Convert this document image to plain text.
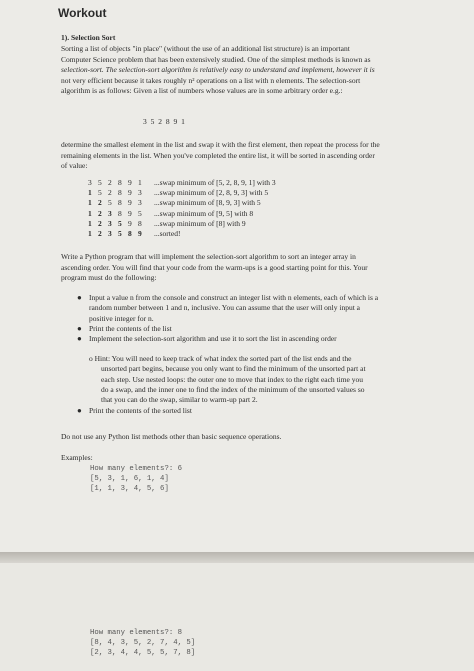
Workout
1). Selection Sort
Sorting a list of objects "in place" (without the use of an additional list structure) is an important
Computer Science problem that has been extensively studied. One of the simplest methods is known as
selection-sort. The selection-sort algorithm is relatively easy to understand and implement, however it is
not very efficient because it takes roughly n² operations on a list with n elements. The selection-sort
algorithm is as follows: Given a list of numbers whose values are in some arbitrary order e.g.:
3 5 2 8 9 1
determine the smallest element in the list and swap it with the first element, then repeat the process for the
remaining elements in the list. When you've completed the entire list, it will be sorted in ascending order
of value:
3	5	2	8	9	1	...swap minimum of [5, 2, 8, 9, 1] with 3
1	5	2	8	9	3	...swap minimum of [2, 8, 9, 3] with 5
1	2	5	8	9	3	...swap minimum of [8, 9, 3] with 5
1	2	3	8	9	5	...swap minimum of [9, 5] with 8
1	2	3	5	9	8	...swap minimum of [8] with 9
1	2	3	5	8	9	...sorted!
Write a Python program that will implement the selection-sort algorithm to sort an integer array in
ascending order. You will find that your code from the warm-ups is a good starting point for this. Your
program must do the following:
● Input a value n from the console and construct an integer list with n elements, each of which is a
random number between 1 and n, inclusive. You can assume that the user will only input a
positive integer for n.
● Print the contents of the list
● Implement the selection-sort algorithm and use it to sort the list in ascending order
o Hint: You will need to keep track of what index the sorted part of the list ends and the
unsorted part begins, because you only want to find the minimum of the unsorted part at
each step. Use nested loops: the outer one to move that index to the right each time you
do a swap, and the inner one to find the index of the minimum of the unsorted values so
that you can do the swap, similar to warm-up part 2.
● Print the contents of the sorted list
Do not use any Python list methods other than basic sequence operations.
Examples:
How many elements?: 6
[5, 3, 1, 6, 1, 4]
[1, 1, 3, 4, 5, 6]
How many elements?: 8
[8, 4, 3, 5, 2, 7, 4, 5]
[2, 3, 4, 4, 5, 5, 7, 8]
